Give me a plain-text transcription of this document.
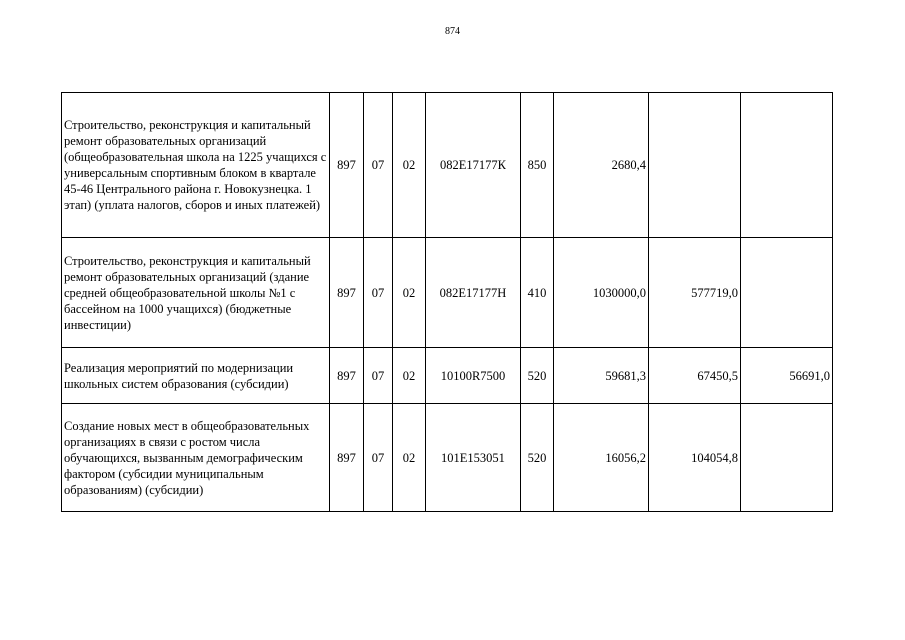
874
Строительство, реконструкция и капитальный ремонт образовательных организаций (общеобразовательная школа на 1225 учащихся с универсальным спортивным блоком в квартале 45-46 Центрального района г. Новокузнецка. 1 этап) (уплата налогов, сборов и иных платежей)	897	07	02	082E17177К	850	2680,4		
Строительство, реконструкция и капитальный ремонт образовательных организаций (здание средней общеобразовательной школы №1 с бассейном на 1000 учащихся) (бюджетные инвестиции)	897	07	02	082E17177Н	410	1030000,0	577719,0	
Реализация мероприятий по модернизации школьных систем образования (субсидии)	897	07	02	10100R7500	520	59681,3	67450,5	56691,0
Создание новых мест в общеобразовательных организациях в связи с ростом числа обучающихся, вызванным демографическим фактором (субсидии муниципальным образованиям) (субсидии)	897	07	02	101Е153051	520	16056,2	104054,8	
